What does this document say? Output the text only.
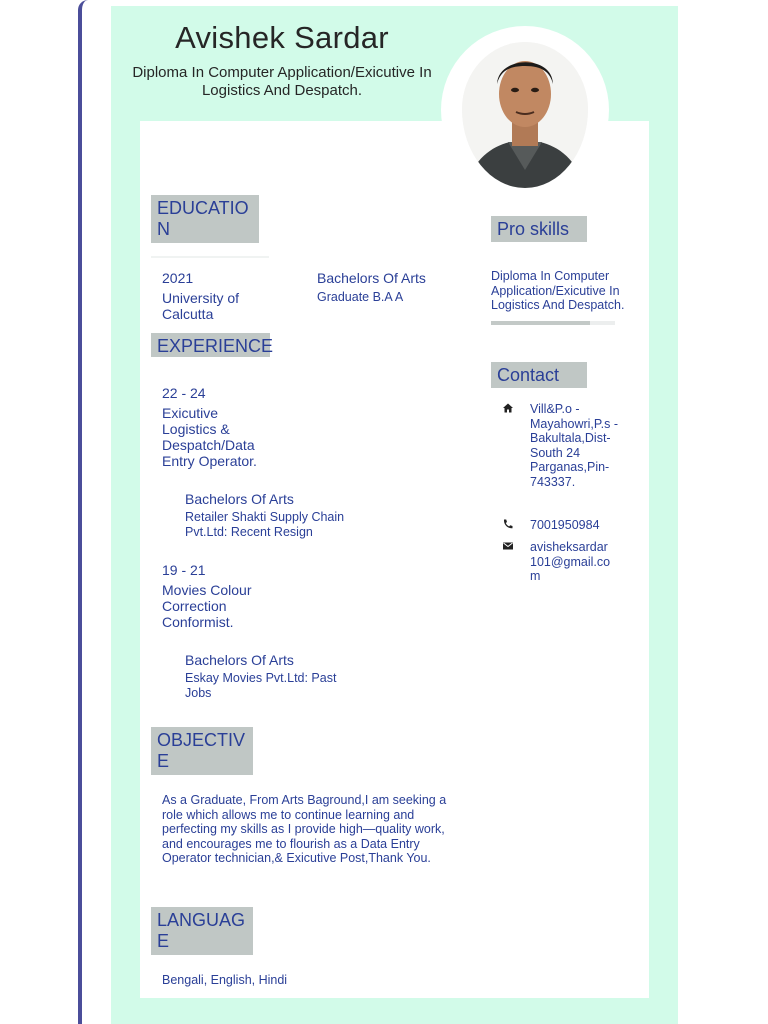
Avishek Sardar
Diploma In Computer Application/Exicutive In Logistics And Despatch.
EDUCATIO N
2021
University of Calcutta
Bachelors Of Arts
Graduate B.A A
EXPERIENCE
22 - 24
Exicutive Logistics & Despatch/Data Entry Operator.
Bachelors Of Arts
Retailer Shakti Supply Chain Pvt.Ltd: Recent Resign
19 - 21
Movies Colour Correction Conformist.
Bachelors Of Arts
Eskay Movies Pvt.Ltd: Past Jobs
OBJECTIV E
As a Graduate, From Arts Baground,I am seeking a role which allows me to continue learning and perfecting my skills as I provide high—quality work, and encourages me to flourish as a Data Entry Operator technician,& Exicutive Post,Thank You.
LANGUAG E
Bengali, English, Hindi
Pro skills
Diploma In Computer Application/Exicutive In Logistics And Despatch.
Contact
Vill&P.o - Mayahowri,P.s - Bakultala,Dist- South 24 Parganas,Pin- 743337.
7001950984
avisheksardar 101@gmail.co m
